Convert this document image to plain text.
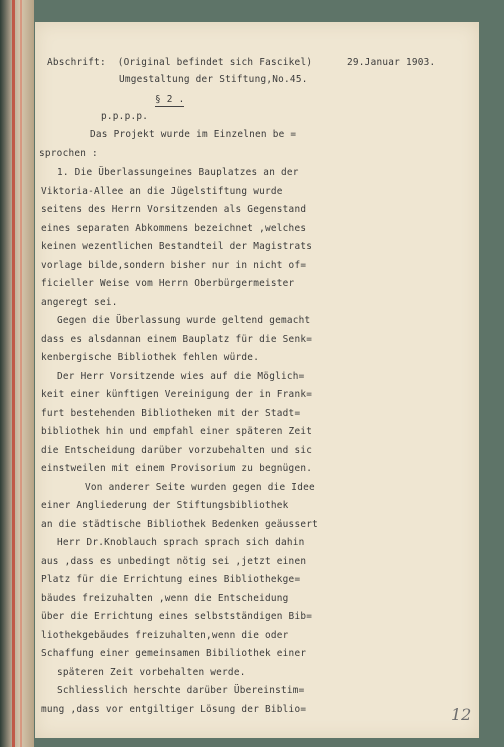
Abschrift:  (Original befindet sich Fascikel)	29.Januar 1903.
Umgestaltung der Stiftung,No.45.
§ 2 .
p.p.p.p.
Das Projekt wurde im Einzelnen be =
sprochen :
1. Die Überlassungeines Bauplatzes an der
Viktoria-Allee an die Jügelstiftung wurde
seitens des Herrn Vorsitzenden als Gegenstand
eines separaten Abkommens bezeichnet ,welches
keinen wezentlichen Bestandteil der Magistrats
vorlage bilde,sondern bisher nur in nicht of=
ficieller Weise vom Herrn Oberbürgermeister
angeregt sei.
Gegen die Überlassung wurde geltend gemacht
dass es alsdannan einem Bauplatz für die Senk=
kenbergische Bibliothek fehlen würde.
Der Herr Vorsitzende wies auf die Möglich=
keit einer künftigen Vereinigung der in Frank=
furt bestehenden Bibliotheken mit der Stadt=
bibliothek hin und empfahl einer späteren Zeit
die Entscheidung darüber vorzubehalten und sic
einstweilen mit einem Provisorium zu begnügen.
Von anderer Seite wurden gegen die Idee
einer Angliederung der Stiftungsbibliothek
an die städtische Bibliothek Bedenken geäussert
Herr Dr.Knoblauch sprach sprach sich dahin
aus ,dass es unbedingt nötig sei ,jetzt einen
Platz für die Errichtung eines Bibliothekge=
bäudes freizuhalten ,wenn die Entscheidung
über die Errichtung eines selbstständigen Bib=
liothekgebäudes freizuhalten,wenn die oder
Schaffung einer gemeinsamen Bibiliothek einer
späteren Zeit vorbehalten werde.
Schliesslich herschte darüber Übereinstim=
mung ,dass vor entgiltiger Lösung der Biblio=	12
